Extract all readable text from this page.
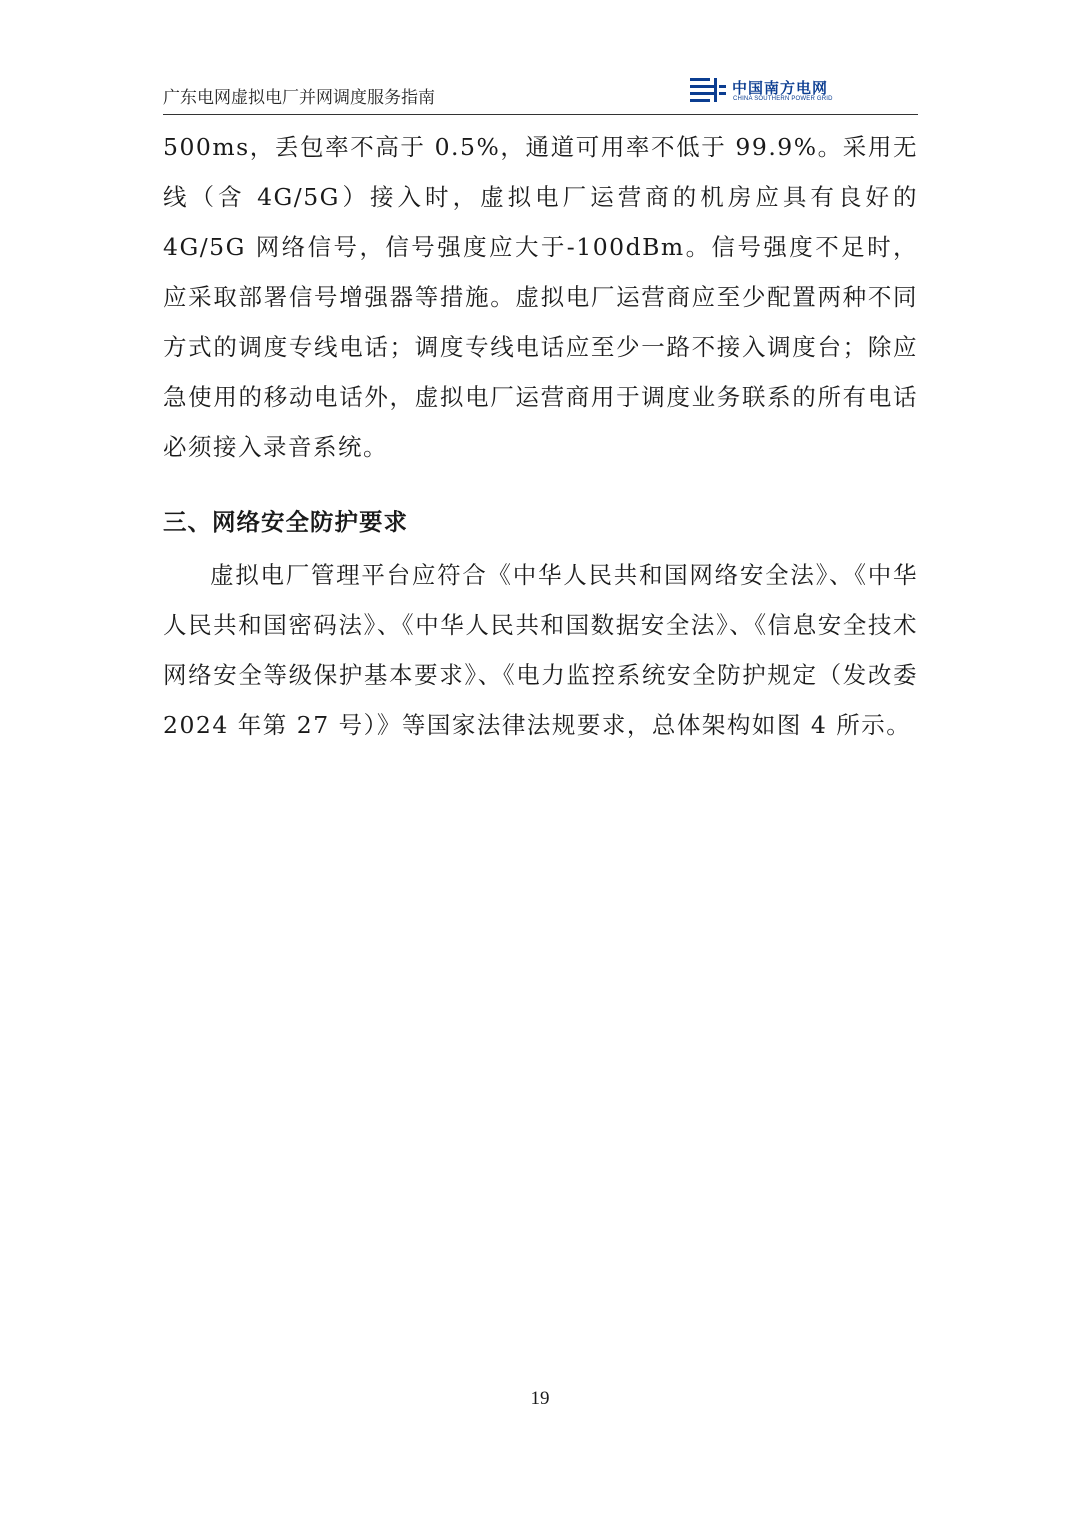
广东电网虚拟电厂并网调度服务指南	中国南方电网
CHINA SOUTHERN POWER GRID

500ms，丢包率不高于 0.5%，通道可用率不低于 99.9%。采用无线（含 4G/5G）接入时，虚拟电厂运营商的机房应具有良好的 4G/5G 网络信号，信号强度应大于-100dBm。信号强度不足时，应采取部署信号增强器等措施。虚拟电厂运营商应至少配置两种不同方式的调度专线电话；调度专线电话应至少一路不接入调度台；除应急使用的移动电话外，虚拟电厂运营商用于调度业务联系的所有电话必须接入录音系统。

三、网络安全防护要求

虚拟电厂管理平台应符合《中华人民共和国网络安全法》、《中华人民共和国密码法》、《中华人民共和国数据安全法》、《信息安全技术网络安全等级保护基本要求》、《电力监控系统安全防护规定（发改委 2024 年第 27 号）》等国家法律法规要求，总体架构如图 4 所示。

19
